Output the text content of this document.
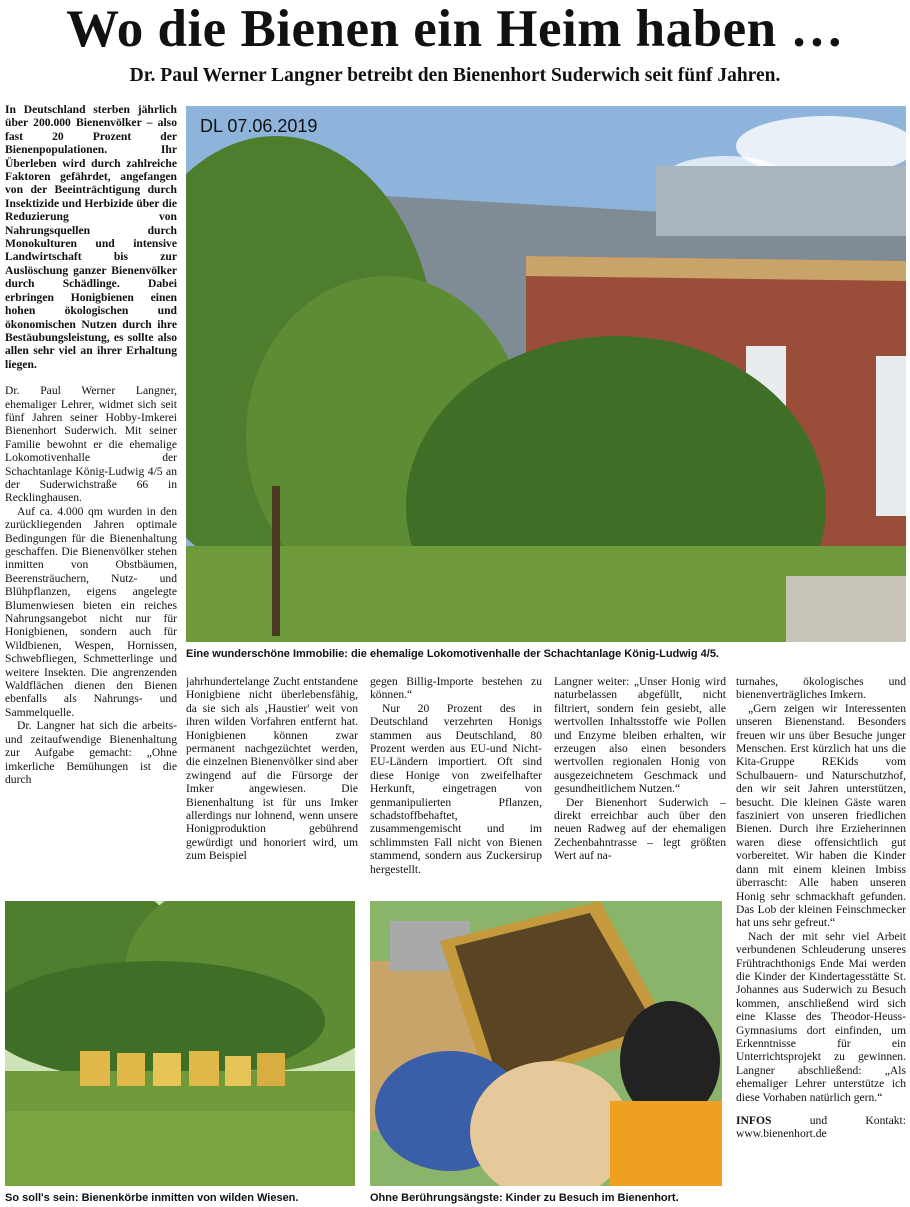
Wo die Bienen ein Heim haben …
Dr. Paul Werner Langner betreibt den Bienenhort Suderwich seit fünf Jahren.

In Deutschland sterben jährlich über 200.000 Bienenvölker – also fast 20 Prozent der Bienenpopulationen. Ihr Überleben wird durch zahlreiche Faktoren gefährdet, angefangen von der Beeinträchtigung durch Insektizide und Herbizide über die Reduzierung von Nahrungsquellen durch Monokulturen und intensive Landwirtschaft bis zur Auslöschung ganzer Bienenvölker durch Schädlinge. Dabei erbringen Honigbienen einen hohen ökologischen und ökonomischen Nutzen durch ihre Bestäubungsleistung, es sollte also allen sehr viel an ihrer Erhaltung liegen.

Dr. Paul Werner Langner, ehemaliger Lehrer, widmet sich seit fünf Jahren seiner Hobby-Imkerei Bienenhort Suderwich. Mit seiner Familie bewohnt er die ehemalige Lokomotivenhalle der Schachtanlage König-Ludwig 4/5 an der Suderwichstraße 66 in Recklinghausen.

Auf ca. 4.000 qm wurden in den zurückliegenden Jahren optimale Bedingungen für die Bienenhaltung geschaffen. Die Bienenvölker stehen inmitten von Obstbäumen, Beerensträuchern, Nutz- und Blühpflanzen, eigens angelegte Blumenwiesen bieten ein reiches Nahrungsangebot nicht nur für Honigbienen, sondern auch für Wildbienen, Wespen, Hornissen, Schwebfliegen, Schmetterlinge und weitere Insekten. Die angrenzenden Waldflächen dienen den Bienen ebenfalls als Nahrungs- und Sammelquelle.

Dr. Langner hat sich die arbeits- und zeitaufwendige Bienenhaltung zur Aufgabe gemacht: „Ohne imkerliche Bemühungen ist die durch

DL 07.06.2019

Eine wunderschöne Immobilie: die ehemalige Lokomotivenhalle der Schachtanlage König-Ludwig 4/5.

jahrhundertelange Zucht entstandene Honigbiene nicht überlebensfähig, da sie sich als ‚Haustier' weit von ihren wilden Vorfahren entfernt hat. Honigbienen können zwar permanent nachgezüchtet werden, die einzelnen Bienenvölker sind aber zwingend auf die Fürsorge der Imker angewiesen. Die Bienenhaltung ist für uns Imker allerdings nur lohnend, wenn unsere Honigproduktion gebührend gewürdigt und honoriert wird, um zum Beispiel

gegen Billig-Importe bestehen zu können.“

Nur 20 Prozent des in Deutschland verzehrten Honigs stammen aus Deutschland, 80 Prozent werden aus EU-und Nicht-EU-Ländern importiert. Oft sind diese Honige von zweifelhafter Herkunft, eingetragen von genmanipulierten Pflanzen, schadstoffbehaftet, zusammengemischt und im schlimmsten Fall nicht von Bienen stammend, sondern aus Zuckersirup hergestellt.

Langner weiter: „Unser Honig wird naturbelassen abgefüllt, nicht filtriert, sondern fein gesiebt, alle wertvollen Inhaltsstoffe wie Pollen und Enzyme bleiben erhalten, wir erzeugen also einen besonders wertvollen regionalen Honig von ausgezeichnetem Geschmack und gesundheitlichem Nutzen.“

Der Bienenhort Suderwich – direkt erreichbar auch über den neuen Radweg auf der ehemaligen Zechenbahntrasse – legt größten Wert auf na-

turnahes, ökologisches und bienenverträgliches Imkern.

„Gern zeigen wir Interessenten unseren Bienenstand. Besonders freuen wir uns über Besuche junger Menschen. Erst kürzlich hat uns die Kita-Gruppe REKids vom Schulbauern- und Naturschutzhof, den wir seit Jahren unterstützen, besucht. Die kleinen Gäste waren fasziniert von unseren friedlichen Bienen. Durch ihre Erzieherinnen waren diese offensichtlich gut vorbereitet. Wir haben die Kinder dann mit einem kleinen Imbiss überrascht: Alle haben unseren Honig sehr schmackhaft gefunden. Das Lob der kleinen Feinschmecker hat uns sehr gefreut.“

Nach der mit sehr viel Arbeit verbundenen Schleuderung unseres Frühtrachthonigs Ende Mai werden die Kinder der Kindertagesstätte St. Johannes aus Suderwich zu Besuch kommen, anschließend wird sich eine Klasse des Theodor-Heuss-Gymnasiums dort einfinden, um Erkenntnisse für ein Unterrichtsprojekt zu gewinnen. Langner abschließend: „Als ehemaliger Lehrer unterstütze ich diese Vorhaben natürlich gern.“

INFOS	und Kontakt: www.bienenhort.de

So soll's sein: Bienenkörbe inmitten von wilden Wiesen.	Ohne Berührungsängste: Kinder zu Besuch im Bienenhort.
